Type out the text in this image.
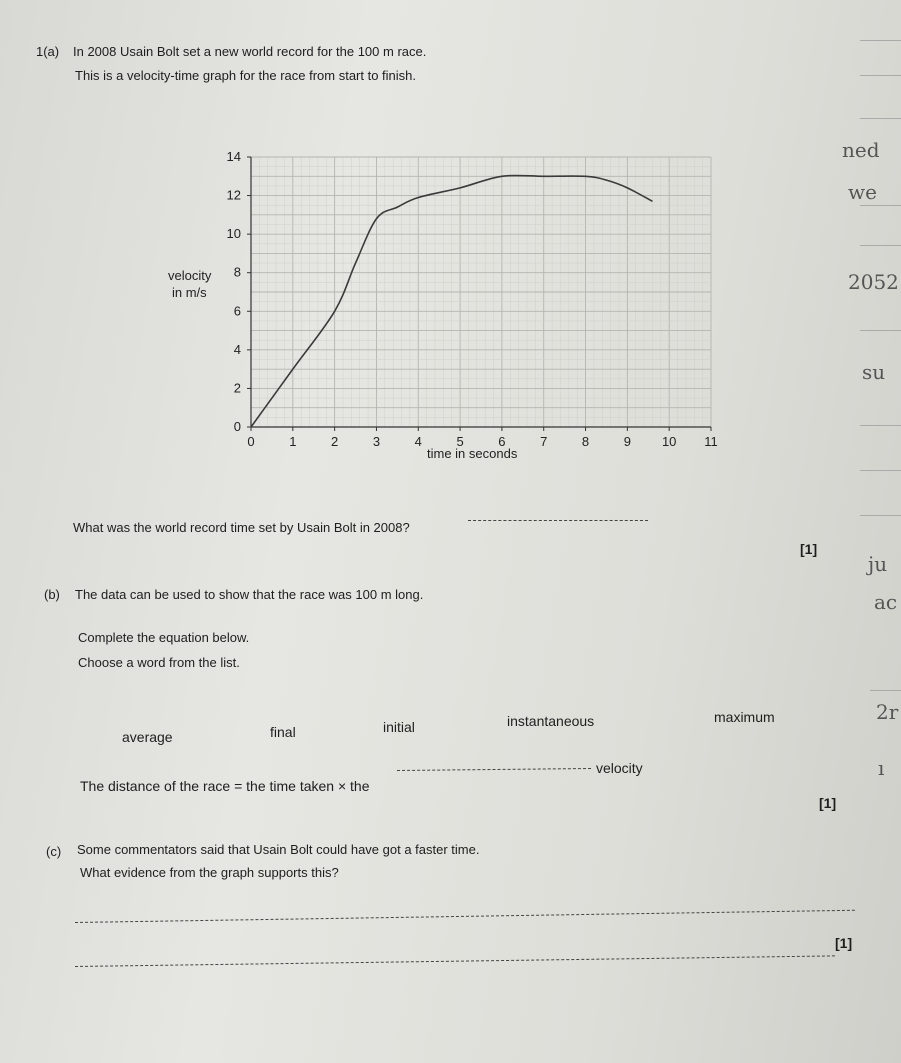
ned
we
2052
su
ju
ac
2r
ı
1(a) In 2008 Usain Bolt set a new world record for the 100 m race.
This is a velocity-time graph for the race from start to finish.
0
2
4
6
8
10
12
14
0	1	2	3	4	5	6	7	8	9 10 11
velocity
in m/s
time in seconds
What was the world record time set by Usain Bolt in 2008?
[1]
(b) The data can be used to show that the race was 100 m long.
Complete the equation below.
Choose a word from the list.
average	final	initial	instantaneous	maximum
The distance of the race = the time taken × the
velocity
[1]
(c) Some commentators said that Usain Bolt could have got a faster time.
What evidence from the graph supports this?
[1]
